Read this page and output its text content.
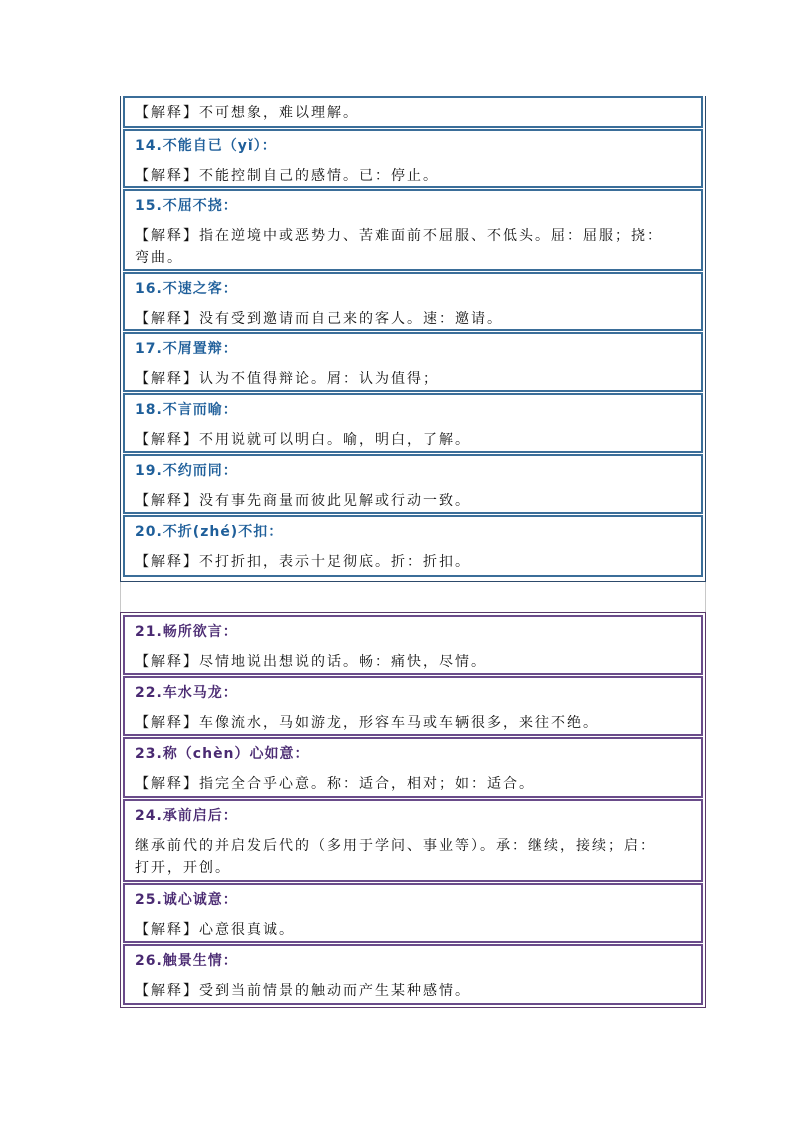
【解释】不可想象，难以理解。
14.不能自已（yǐ）：
【解释】不能控制自己的感情。已：停止。
15.不屈不挠：
【解释】指在逆境中或恶势力、苦难面前不屈服、不低头。屈：屈服；挠：
弯曲。
16.不速之客：
【解释】没有受到邀请而自己来的客人。速：邀请。
17.不屑置辩：
【解释】认为不值得辩论。屑：认为值得；
18.不言而喻：
【解释】不用说就可以明白。喻，明白，了解。
19.不约而同：
【解释】没有事先商量而彼此见解或行动一致。
20.不折(zhé)不扣：
【解释】不打折扣，表示十足彻底。折：折扣。
21.畅所欲言：
【解释】尽情地说出想说的话。畅：痛快，尽情。
22.车水马龙：
【解释】车像流水，马如游龙，形容车马或车辆很多，来往不绝。
23.称（chèn）心如意：
【解释】指完全合乎心意。称：适合，相对；如：适合。
24.承前启后：
继承前代的并启发后代的（多用于学问、事业等）。承：继续，接续；启：
打开，开创。
25.诚心诚意：
【解释】心意很真诚。
26.触景生情：
【解释】受到当前情景的触动而产生某种感情。
